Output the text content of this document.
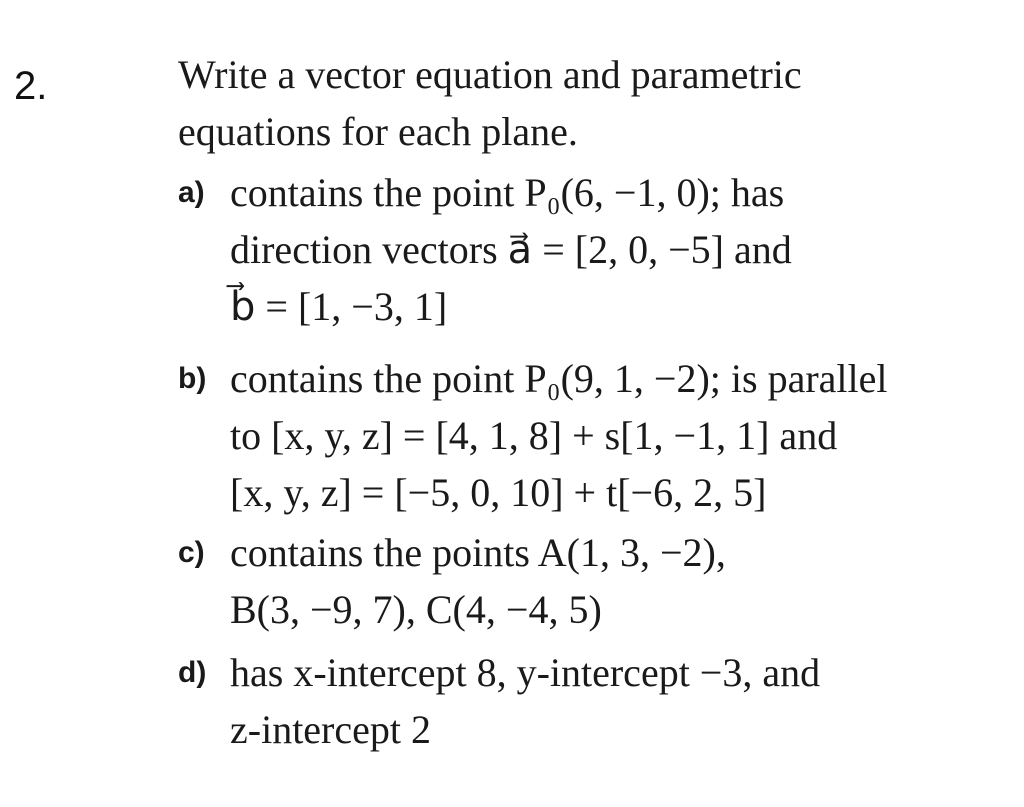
2.	Write a vector equation and parametric
equations for each plane.
a) contains the point P₀(6, −1, 0); has
direction vectors a⃗ = [2, 0, −5] and
b⃗ = [1, −3, 1]
b) contains the point P₀(9, 1, −2); is parallel
to [x, y, z] = [4, 1, 8] + s[1, −1, 1] and
[x, y, z] = [−5, 0, 10] + t[−6, 2, 5]
c) contains the points A(1, 3, −2),
B(3, −9, 7), C(4, −4, 5)
d) has x-intercept 8, y-intercept −3, and
z-intercept 2
